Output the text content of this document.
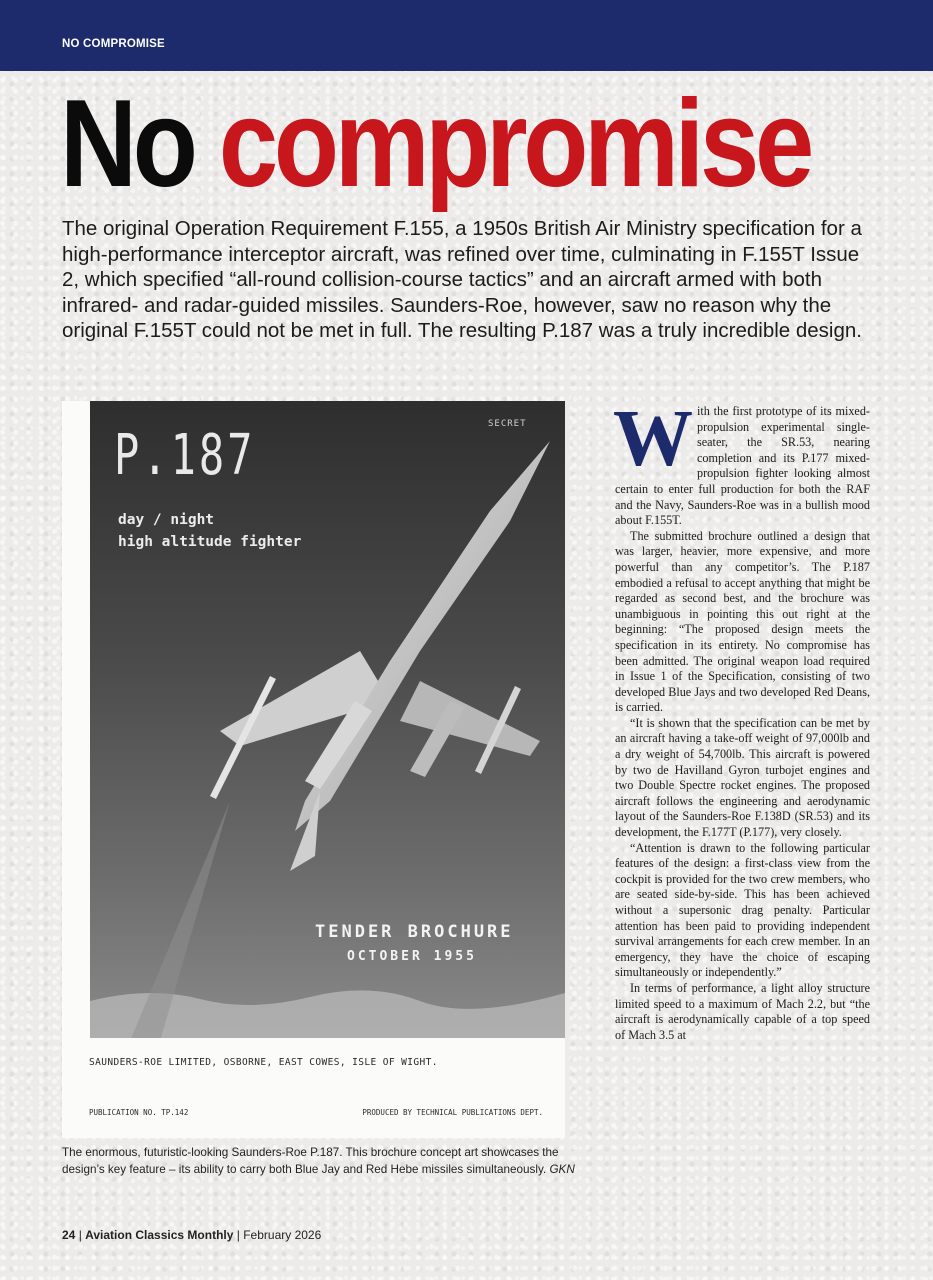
NO COMPROMISE
No compromise

The original Operation Requirement F.155, a 1950s British Air Ministry specification for a high-performance interceptor aircraft, was refined over time, culminating in F.155T Issue 2, which specified “all-round collision-course tactics” and an aircraft armed with both infrared- and radar-guided missiles. Saunders-Roe, however, saw no reason why the original F.155T could not be met in full. The resulting P.187 was a truly incredible design.

P.187
day / night
high altitude fighter
SECRET
TENDER BROCHURE
OCTOBER 1955
SAUNDERS-ROE LIMITED, OSBORNE, EAST COWES, ISLE OF WIGHT.
PUBLICATION NO. TP.142	PRODUCED BY TECHNICAL PUBLICATIONS DEPT.

The enormous, futuristic-looking Saunders-Roe P.187. This brochure concept art showcases the design’s key feature – its ability to carry both Blue Jay and Red Hebe missiles simultaneously. GKN

With the first prototype of its mixed-propulsion experimental single-seater, the SR.53, nearing completion and its P.177 mixed-propulsion fighter looking almost certain to enter full production for both the RAF and the Navy, Saunders-Roe was in a bullish mood about F.155T.

The submitted brochure outlined a design that was larger, heavier, more expensive, and more powerful than any competitor’s. The P.187 embodied a refusal to accept anything that might be regarded as second best, and the brochure was unambiguous in pointing this out right at the beginning: “The proposed design meets the specification in its entirety. No compromise has been admitted. The original weapon load required in Issue 1 of the Specification, consisting of two developed Blue Jays and two developed Red Deans, is carried.

“It is shown that the specification can be met by an aircraft having a take-off weight of 97,000lb and a dry weight of 54,700lb. This aircraft is powered by two de Havilland Gyron turbojet engines and two Double Spectre rocket engines. The proposed aircraft follows the engineering and aerodynamic layout of the Saunders-Roe F.138D (SR.53) and its development, the F.177T (P.177), very closely.

“Attention is drawn to the following particular features of the design: a first-class view from the cockpit is provided for the two crew members, who are seated side-by-side. This has been achieved without a supersonic drag penalty. Particular attention has been paid to providing independent survival arrangements for each crew member. In an emergency, they have the choice of escaping simultaneously or independently.”

In terms of performance, a light alloy structure limited speed to a maximum of Mach 2.2, but “the aircraft is aerodynamically capable of a top speed of Mach 3.5 at

24 | Aviation Classics Monthly | February 2026
